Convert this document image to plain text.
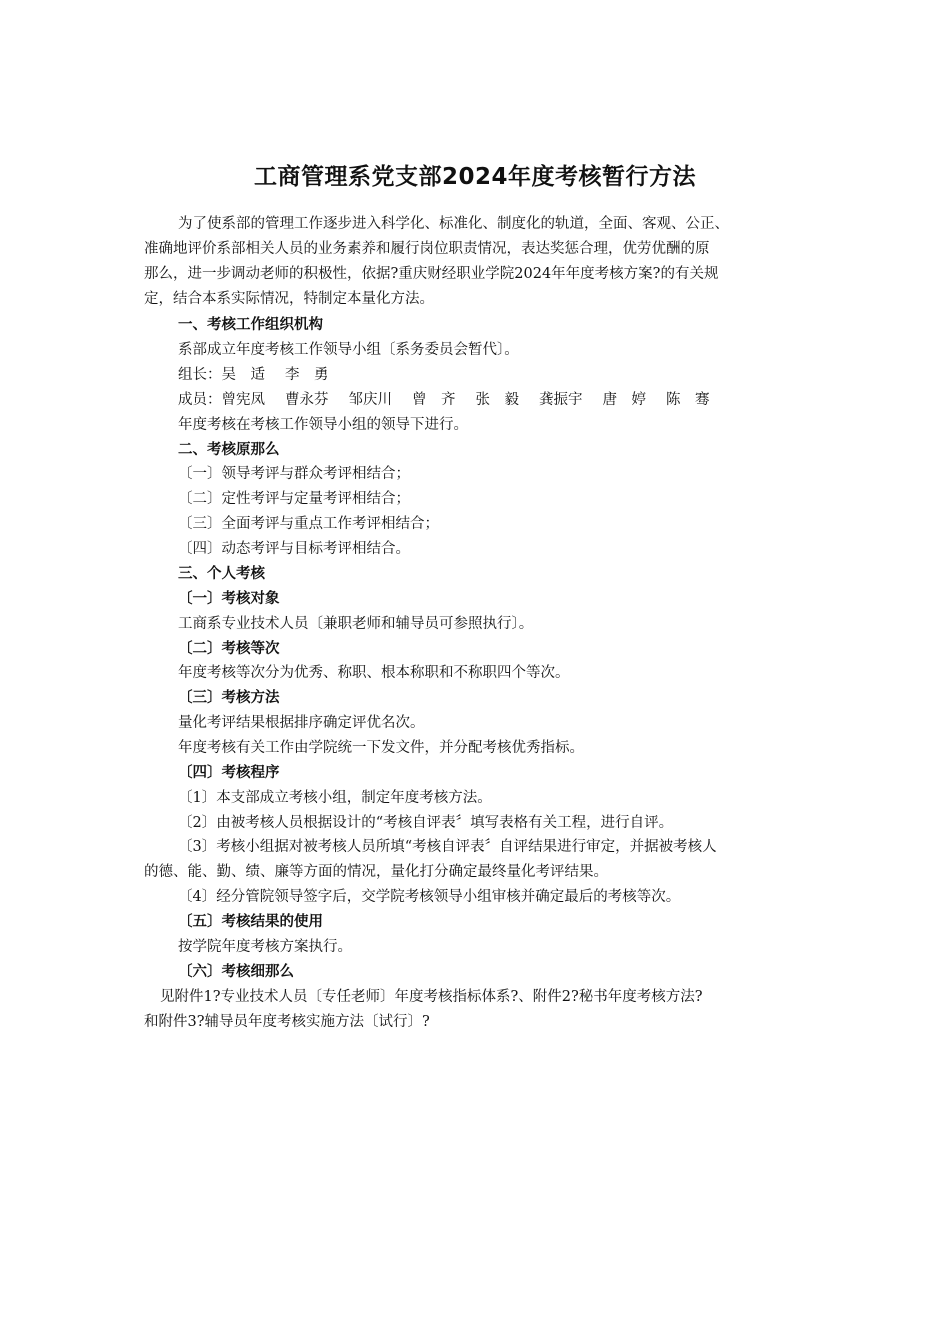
工商管理系党支部2024年度考核暂行方法
为了使系部的管理工作逐步进入科学化、标准化、制度化的轨道，全面、客观、公正、
准确地评价系部相关人员的业务素养和履行岗位职责情况，表达奖惩合理，优劳优酬的原
那么，进一步调动老师的积极性，依据?重庆财经职业学院2024年年度考核方案?的有关规
定，结合本系实际情况，特制定本量化方法。
一、考核工作组织机构
系部成立年度考核工作领导小组〔系务委员会暂代〕。
组长：吴　适 李　勇
成员：曾宪凤 曹永芬 邹庆川 曾　齐 张　毅 龚振宇 唐　婷 陈　骞
年度考核在考核工作领导小组的领导下进行。
二、考核原那么
〔一〕领导考评与群众考评相结合；
〔二〕定性考评与定量考评相结合；
〔三〕全面考评与重点工作考评相结合；
〔四〕动态考评与目标考评相结合。
三、个人考核
〔一〕考核对象
工商系专业技术人员〔兼职老师和辅导员可参照执行〕。
〔二〕考核等次
年度考核等次分为优秀、称职、根本称职和不称职四个等次。
〔三〕考核方法
量化考评结果根据排序确定评优名次。
年度考核有关工作由学院统一下发文件，并分配考核优秀指标。
〔四〕考核程序
〔1〕本支部成立考核小组，制定年度考核方法。
〔2〕由被考核人员根据设计的“考核自评表〞填写表格有关工程，进行自评。
〔3〕考核小组据对被考核人员所填“考核自评表〞自评结果进行审定，并据被考核人
的德、能、勤、绩、廉等方面的情况，量化打分确定最终量化考评结果。
〔4〕经分管院领导签字后，交学院考核领导小组审核并确定最后的考核等次。
〔五〕考核结果的使用
按学院年度考核方案执行。
〔六〕考核细那么
见附件1?专业技术人员〔专任老师〕年度考核指标体系?、附件2?秘书年度考核方法?
和附件3?辅导员年度考核实施方法〔试行〕?
